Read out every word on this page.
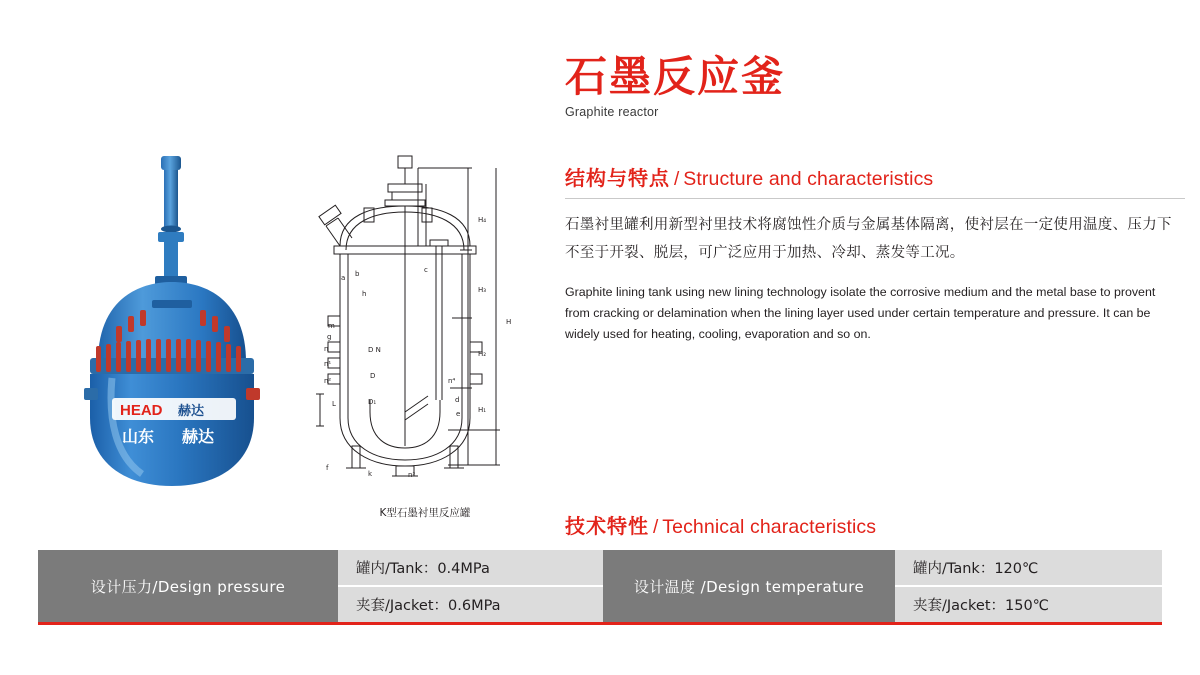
石墨反应釜
Graphite reactor
HEAD 赫达
山东 赫达
H₄
H₃
H₂
H₁
H
D N
D
D₁
L
a b	c
d
e
f
g
h
k
m
n
n¹
n²
n³
n⁴
K型石墨衬里反应罐
结构与特点 / Structure and characteristics
石墨衬里罐利用新型衬里技术将腐蚀性介质与金属基体隔离，使衬层在一定使用温度、压力下不至于开裂、脱层，可广泛应用于加热、冷却、蒸发等工况。
Graphite lining tank using new lining technology isolate the corrosive medium and the metal base to provent from cracking or delamination when the lining layer used under certain temperature and pressure. It can be widely used for heating, cooling, evaporation and so on.
技术特性 / Technical characteristics
设计压力/Design pressure
罐内/Tank：0.4MPa
夹套/Jacket：0.6MPa
设计温度 /Design temperature
罐内/Tank：120℃
夹套/Jacket：150℃
